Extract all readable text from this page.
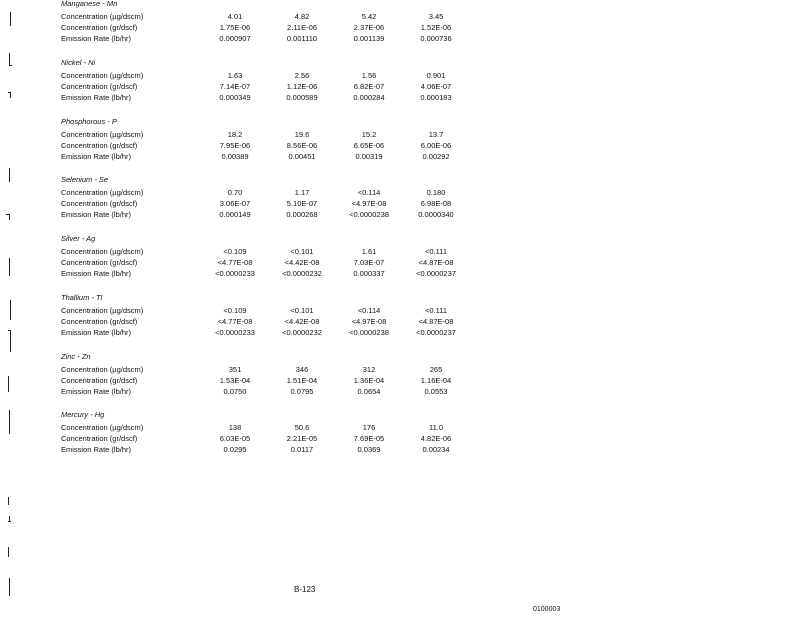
Manganese - Mn
Concentration (µg/dscm)	4.01	4.82	5.42	3.45
Concentration (gr/dscf)	1.75E-06	2.11E-06	2.37E-06	1.52E-06
Emission Rate (lb/hr)	0.000907	0.001110	0.001139	0.000736
Nickel - Ni
Concentration (µg/dscm)	1.63	2.56	1.56	0.901
Concentration (gr/dscf)	7.14E-07	1.12E-06	6.82E-07	4.06E-07
Emission Rate (lb/hr)	0.000349	0.000589	0.000284	0.000183
Phosphorous - P
Concentration (µg/dscm)	18.2	19.6	15.2	13.7
Concentration (gr/dscf)	7.95E-06	8.56E-06	6.65E-06	6.00E-06
Emission Rate (lb/hr)	0.00389	0.00451	0.00319	0.00292
Selenium - Se
Concentration (µg/dscm)	0.70	1.17	<0.114	0.180
Concentration (gr/dscf)	3.06E-07	5.10E-07	<4.97E-08	6.98E-08
Emission Rate (lb/hr)	0.000149	0.000268	<0.0000238	0.0000340
Silver - Ag
Concentration (µg/dscm)	<0.109	<0.101	1.61	<0.111
Concentration (gr/dscf)	<4.77E-08	<4.42E-08	7.03E-07	<4.87E-08
Emission Rate (lb/hr)	<0.0000233	<0.0000232	0.000337	<0.0000237
Thallium - Tl
Concentration (µg/dscm)	<0.109	<0.101	<0.114	<0.111
Concentration (gr/dscf)	<4.77E-08	<4.42E-08	<4.97E-08	<4.87E-08
Emission Rate (lb/hr)	<0.0000233	<0.0000232	<0.0000238	<0.0000237
Zinc - Zn
Concentration (µg/dscm)	351	346	312	265
Concentration (gr/dscf)	1.53E-04	1.51E-04	1.36E-04	1.16E-04
Emission Rate (lb/hr)	0.0750	0.0795	0.0654	0.0553
Mercury - Hg
Concentration (µg/dscm)	138	50.6	176	11.0
Concentration (gr/dscf)	6.03E-05	2.21E-05	7.69E-05	4.82E-06
Emission Rate (lb/hr)	0.0295	0.0117	0.0369	0.00234
B-123
0100003
